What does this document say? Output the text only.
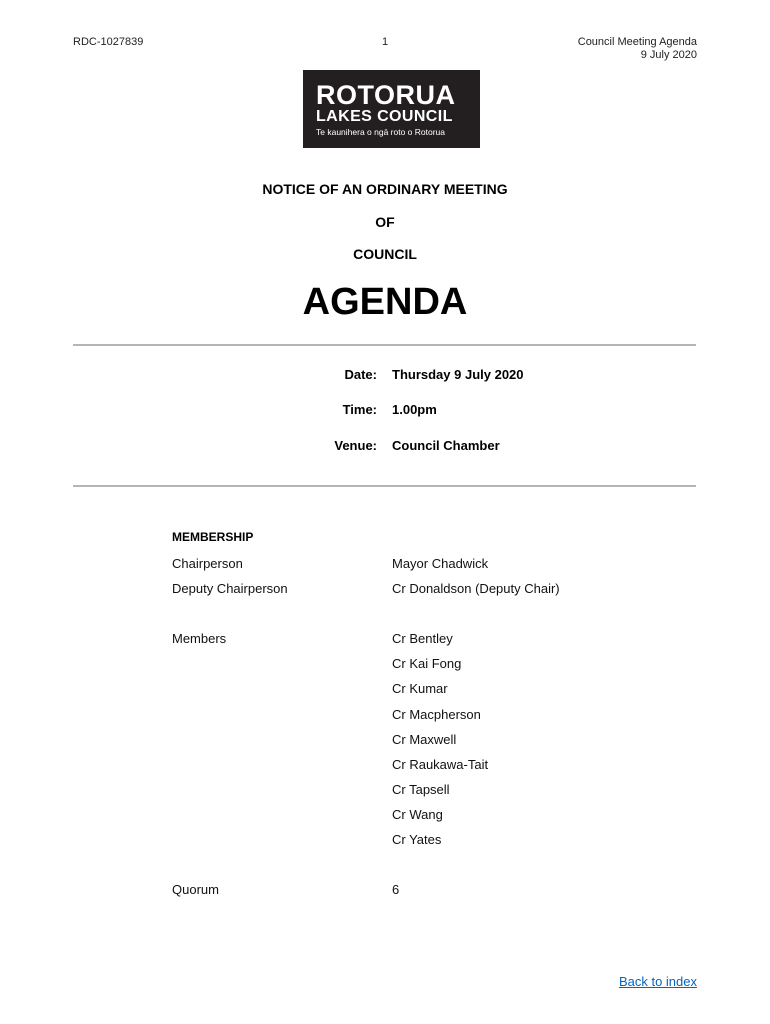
RDC-1027839	1	Council Meeting Agenda
9 July 2020
ROTORUA
LAKES COUNCIL
Te kaunihera o ngā roto o Rotorua
NOTICE OF AN ORDINARY MEETING
OF
COUNCIL
AGENDA
Date: Thursday 9 July 2020
Time: 1.00pm
Venue: Council Chamber
MEMBERSHIP
Chairperson	Mayor Chadwick
Deputy Chairperson	Cr Donaldson (Deputy Chair)
Members	Cr Bentley
Cr Kai Fong
Cr Kumar
Cr Macpherson
Cr Maxwell
Cr Raukawa-Tait
Cr Tapsell
Cr Wang
Cr Yates
Quorum	6
Back to index
